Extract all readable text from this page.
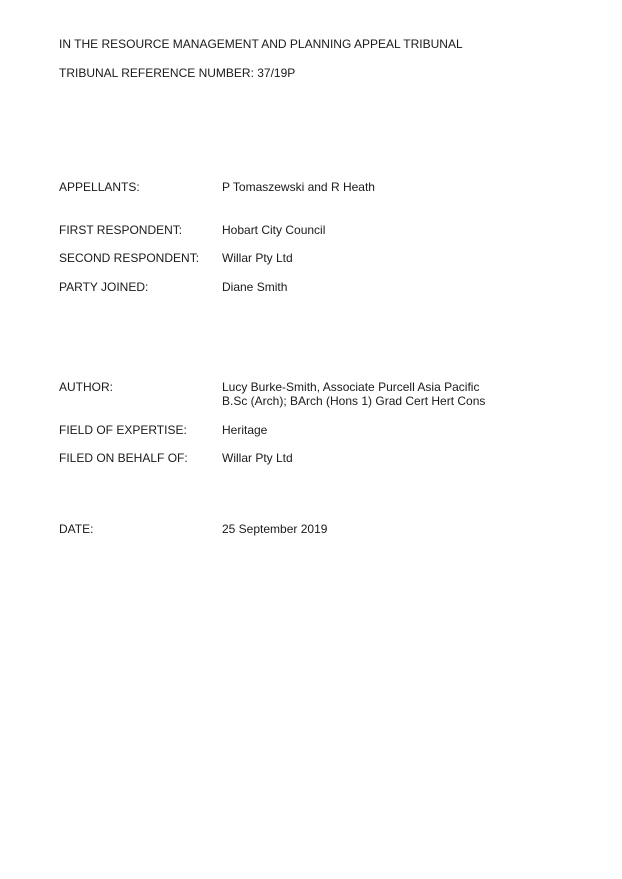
IN THE RESOURCE MANAGEMENT AND PLANNING APPEAL TRIBUNAL
TRIBUNAL REFERENCE NUMBER: 37/19P
APPELLANTS:	P Tomaszewski and R Heath
FIRST RESPONDENT:	Hobart City Council
SECOND RESPONDENT: Willar Pty Ltd
PARTY JOINED:	Diane Smith
AUTHOR:	Lucy Burke-Smith, Associate Purcell Asia Pacific
B.Sc (Arch); BArch (Hons 1) Grad Cert Hert Cons
FIELD OF EXPERTISE:	Heritage
FILED ON BEHALF OF:	Willar Pty Ltd
DATE:	25 September 2019
